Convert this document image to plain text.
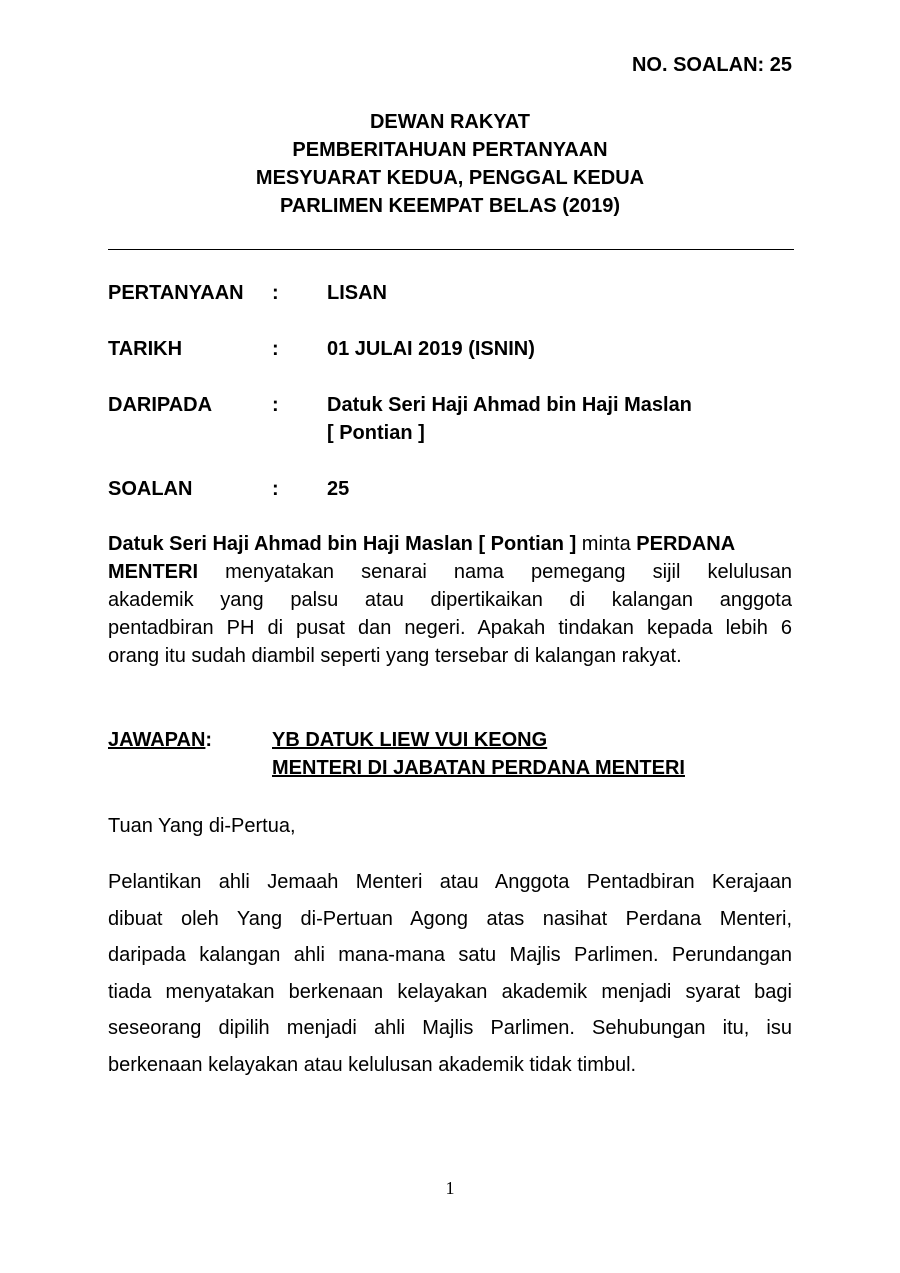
NO. SOALAN: 25
DEWAN RAKYAT
PEMBERITAHUAN PERTANYAAN
MESYUARAT KEDUA, PENGGAL KEDUA
PARLIMEN KEEMPAT BELAS (2019)
PERTANYAAN : LISAN
TARIKH	: 01 JULAI 2019 (ISNIN)
DARIPADA	: Datuk Seri Haji Ahmad bin Haji Maslan
[ Pontian ]
SOALAN	: 25
Datuk Seri Haji Ahmad bin Haji Maslan [ Pontian ] minta PERDANA
MENTERI menyatakan senarai nama pemegang sijil kelulusan
akademik yang palsu atau dipertikaikan di kalangan anggota
pentadbiran PH di pusat dan negeri. Apakah tindakan kepada lebih 6
orang itu sudah diambil seperti yang tersebar di kalangan rakyat.
JAWAPAN:	YB DATUK LIEW VUI KEONG
MENTERI DI JABATAN PERDANA MENTERI
Tuan Yang di-Pertua,
Pelantikan ahli Jemaah Menteri atau Anggota Pentadbiran Kerajaan
dibuat oleh Yang di-Pertuan Agong atas nasihat Perdana Menteri,
daripada kalangan ahli mana-mana satu Majlis Parlimen. Perundangan
tiada menyatakan berkenaan kelayakan akademik menjadi syarat bagi
seseorang dipilih menjadi ahli Majlis Parlimen. Sehubungan itu, isu
berkenaan kelayakan atau kelulusan akademik tidak timbul.
1
